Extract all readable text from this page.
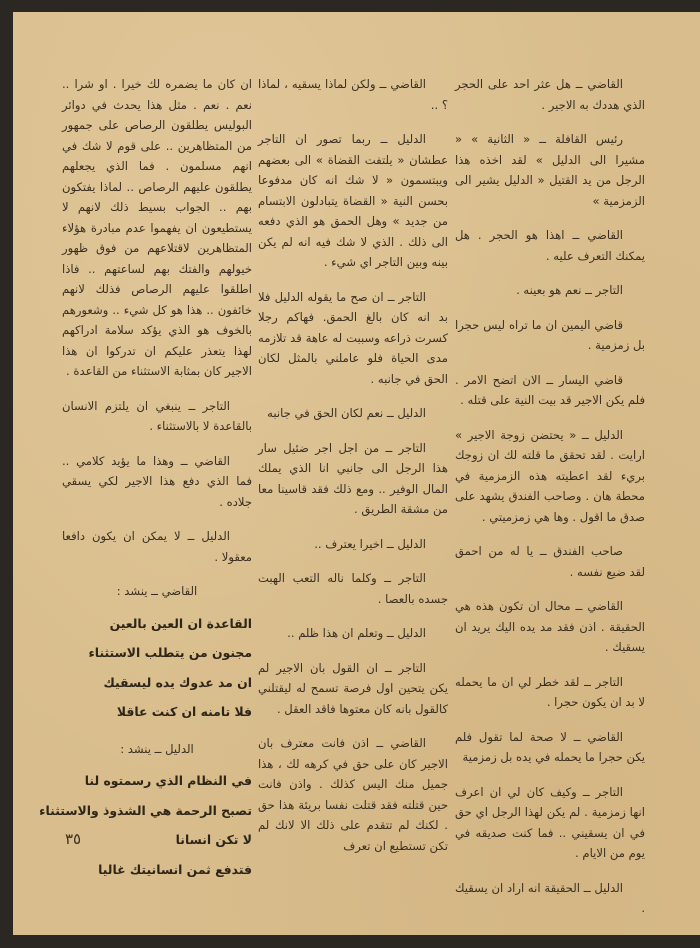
القاضي ــ هل عثر احد على الحجر الذي هددك به الاجير .

رئيس القافلة ــ « الثانية » « مشيرا الى الدليل » لقد اخذه هذا الرجل من يد القتيل « الدليل يشير الى الزمزمية »

القاضي ــ اهذا هو الحجر . هل يمكنك التعرف عليه .

التاجر ــ نعم هو بعينه .

قاضي اليمين ان ما تراه ليس حجرا بل زمزمية .

قاضي اليسار ــ الان اتضح الامر . فلم يكن الاجير قد بيت النية على قتله .

الدليل ــ « يحتضن زوجة الاجير » ارايت . لقد تحقق ما قلته لك ان زوجك بريء لقد اعطيته هذه الزمزمية في محطة هان . وصاحب الفندق يشهد على صدق ما اقول . وها هي زمزميتي .

صاحب الفندق ــ يا له من احمق لقد ضيع نفسه .

القاضي ــ محال ان تكون هذه هي الحقيقة . اذن فقد مد يده اليك يريد ان يسقيك .

التاجر ــ لقد خطر لي ان ما يحمله لا بد ان يكون حجرا .

القاضي ــ لا صحة لما تقول فلم يكن حجرا ما يحمله في يده بل زمزمية

التاجر ــ وكيف كان لي ان اعرف انها زمزمية . لم يكن لهذا الرجل اي حق في ان يسقيني .. فما كنت صديقه في يوم من الايام .

الدليل ــ الحقيقة انه اراد ان يسقيك .

القاضي ــ ولكن لماذا يسقيه ، لماذا ؟ ..

الدليل ــ ربما تصور ان التاجر عطشان « يلتفت القضاة » الى بعضهم ويبتسمون « لا شك انه كان مدفوعا بحسن النية « القضاة يتبادلون الابتسام من جديد » وهل الحمق هو الذي دفعه الى ذلك . الذي لا شك فيه انه لم يكن بينه وبين التاجر اي شيء .

التاجر ــ ان صح ما يقوله الدليل فلا بد انه كان بالغ الحمق. فهاكم رجلا كسرت ذراعه وسببت له عاهة قد تلازمه مدى الحياة فلو عاملني بالمثل لكان الحق في جانبه .

الدليل ــ نعم لكان الحق في جانبه

التاجر ــ من اجل اجر ضئيل سار هذا الرجل الى جانبي انا الذي يملك المال الوفير .. ومع ذلك فقد قاسينا معا من مشقة الطريق .

الدليل ــ اخيرا يعترف ..

التاجر ــ وكلما ناله التعب الهبت جسده بالعصا .

الدليل ــ وتعلم ان هذا ظلم ..

التاجر ــ ان القول بان الاجير لم يكن يتحين اول فرصة تسمح له ليقتلني كالقول بانه كان معتوها فاقد العقل .

القاضي ــ اذن فانت معترف بان الاجير كان على حق في كرهه لك ، هذا جميل منك اليس كذلك . واذن فانت حين قتلته فقد قتلت نفسا بريئة هذا حق . لكنك لم تتقدم على ذلك الا لانك لم تكن تستطيع ان تعرف

ان كان ما يضمره لك خيرا . او شرا .. نعم . نعم . مثل هذا يحدث في دوائر البوليس يطلقون الرصاص على جمهور من المتظاهرين .. على قوم لا شك في انهم مسلمون . فما الذي يجعلهم يطلقون عليهم الرصاص .. لماذا يفتكون بهم .. الجواب بسيط ذلك لانهم لا يستطيعون ان يفهموا عدم مبادرة هؤلاء المتظاهرين لاقتلاعهم من فوق ظهور خيولهم والفتك بهم لساعتهم .. فاذا اطلقوا عليهم الرصاص فذلك لانهم خائفون .. هذا هو كل شيء .. وشعورهم بالخوف هو الذي يؤكد سلامة ادراكهم لهذا يتعذر عليكم ان تدركوا ان هذا الاجير كان بمثابة الاستثناء من القاعدة .

التاجر ــ ينبغي ان يلتزم الانسان بالقاعدة لا بالاستثناء .

القاضي ــ وهذا ما يؤيد كلامي .. فما الذي دفع هذا الاجير لكي يسقي جلاده .

الدليل ــ لا يمكن ان يكون دافعا معقولا .

القاضي ــ ينشد :

القاعدة ان العين بالعين

مجنون من يتطلب الاستثناء

ان مد عدوك يده ليسقيك

فلا تامنه ان كنت عاقلا

الدليل ــ ينشد :

في النظام الذي رسمتوه لنا

تصبح الرحمة هي الشذوذ والاستثناء

لا تكن انسانا

فتدفع ثمن انسانيتك غاليا

٣٥
